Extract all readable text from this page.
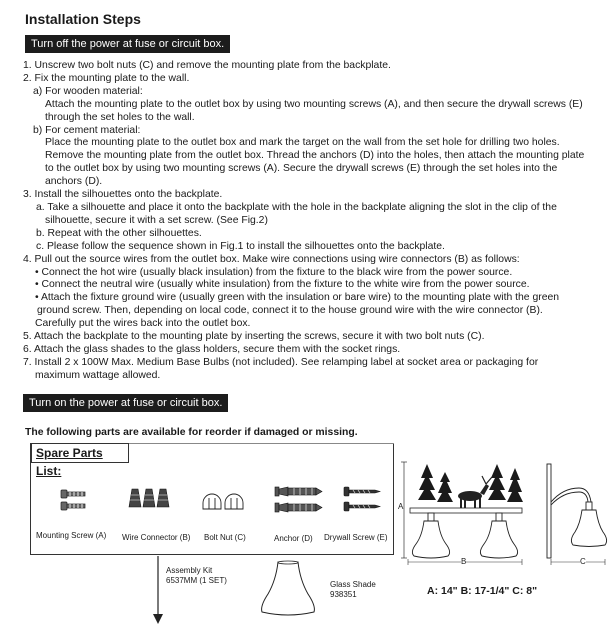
Installation Steps
Turn off the power at fuse or circuit box.
1. Unscrew two bolt nuts (C) and remove the mounting plate from the backplate.
2. Fix the mounting plate to the wall.
a) For wooden material:
Attach the mounting plate to the outlet box by using two mounting screws (A), and then secure the drywall screws (E)
through the set holes to the wall.
b) For cement material:
Place the mounting plate to the outlet box and mark the target on the wall from the set hole for drilling two holes.
Remove the mounting plate from the outlet box. Thread the anchors (D) into the holes, then attach the mounting plate
to the outlet box by using two mounting screws (A). Secure the drywall screws (E) through the set holes into the
anchors (D).
3. Install the silhouettes onto the backplate.
a. Take a silhouette and place it onto the backplate with the hole in the backplate aligning the slot in the clip of the
silhouette, secure it with a set screw. (See Fig.2)
b. Repeat with the other silhouettes.
c. Please follow the sequence shown in Fig.1 to install the silhouettes onto the backplate.
4. Pull out the source wires from the outlet box. Make wire connections using wire connectors (B) as follows:
• Connect the hot wire (usually black insulation) from the fixture to the black wire from the power source.
• Connect the neutral wire (usually white insulation) from the fixture to the white wire from the power source.
• Attach the fixture ground wire (usually green with the insulation or bare wire) to the mounting plate with the green
ground screw. Then, depending on local code, connect it to the house ground wire with the wire connector (B).
Carefully put the wires back into the outlet box.
5. Attach the backplate to the mounting plate by inserting the screws, secure it with two bolt nuts (C).
6. Attach the glass shades to the glass holders, secure them with the socket rings.
7. Install 2 x 100W Max. Medium Base Bulbs (not included). See relamping label at socket area or packaging for
maximum wattage allowed.
Turn on the power at fuse or circuit box.
The following parts are available for reorder if damaged or missing.
Spare Parts List:
Mounting Screw (A) Wire Connector (B) Bolt Nut (C)	Anchor (D) Drywall Screw (E)
Assembly Kit
6537MM (1 SET)	Glass Shade
938351
A
B	C
A: 14" B: 17-1/4" C: 8"
